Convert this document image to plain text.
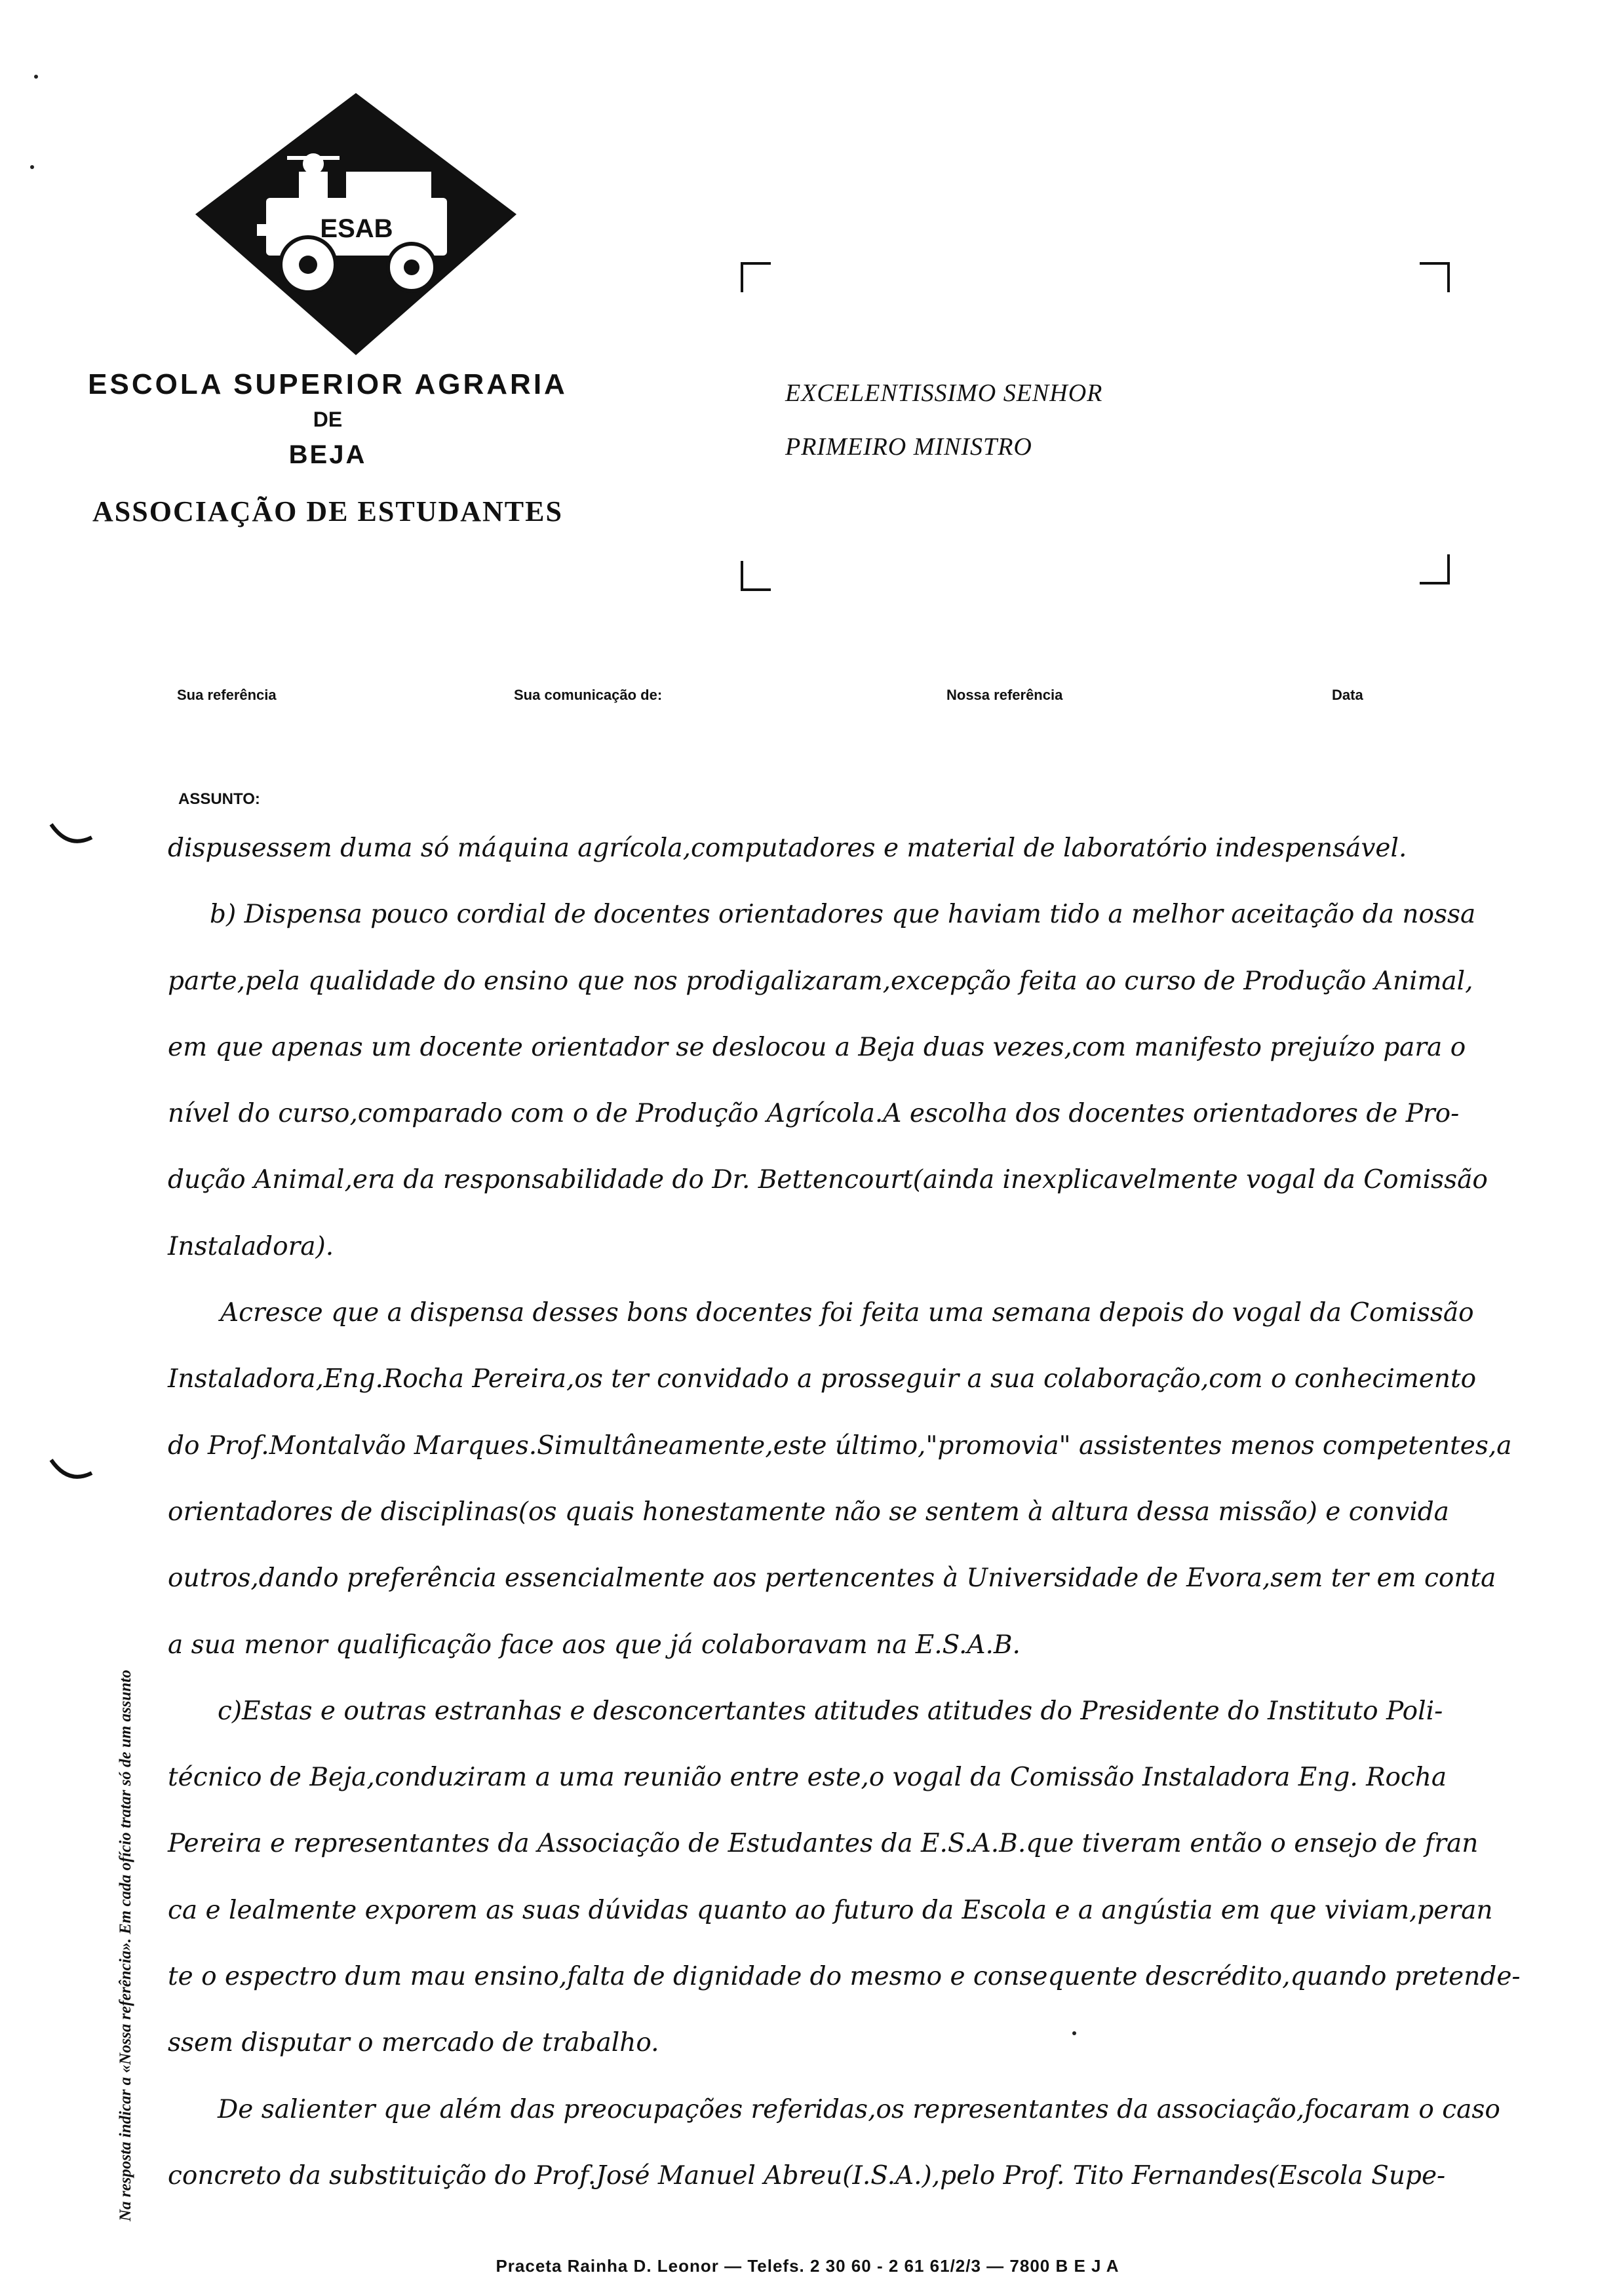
ESAB
ESCOLA SUPERIOR AGRARIA
DE
BEJA
ASSOCIAÇÃO DE ESTUDANTES
EXCELENTISSIMO SENHOR
PRIMEIRO MINISTRO
Sua referência	Sua comunicação de:	Nossa referência	Data
ASSUNTO:
dispusessem duma só máquina agrícola,computadores e material de laboratório indespensável.
b) Dispensa pouco cordial de docentes orientadores que haviam tido a melhor aceitação da nossa
parte,pela qualidade do ensino que nos prodigalizaram,excepção feita ao curso de Produção Animal,
em que apenas um docente orientador se deslocou a Beja duas vezes,com manifesto prejuízo para o
nível do curso,comparado com o de Produção Agrícola.A escolha dos docentes orientadores de Pro-
dução Animal,era da responsabilidade do Dr. Bettencourt(ainda inexplicavelmente vogal da Comissão
Instaladora).
Acresce que a dispensa desses bons docentes foi feita uma semana depois do vogal da Comissão
Instaladora,Eng.Rocha Pereira,os ter convidado a prosseguir a sua colaboração,com o conhecimento
do Prof.Montalvão Marques.Simultâneamente,este último,"promovia" assistentes menos competentes,a
orientadores de disciplinas(os quais honestamente não se sentem à altura dessa missão) e convida
outros,dando preferência essencialmente aos pertencentes à Universidade de Evora,sem ter em conta
a sua menor qualificação face aos que já colaboravam na E.S.A.B.
c)Estas e outras estranhas e desconcertantes atitudes atitudes do Presidente do Instituto Poli-
técnico de Beja,conduziram a uma reunião entre este,o vogal da Comissão Instaladora Eng. Rocha
Pereira e representantes da Associação de Estudantes da E.S.A.B.que tiveram então o ensejo de fran
ca e lealmente exporem as suas dúvidas quanto ao futuro da Escola e a angústia em que viviam,peran
te o espectro dum mau ensino,falta de dignidade do mesmo e consequente descrédito,quando pretende-
ssem disputar o mercado de trabalho.
De salienter que além das preocupações referidas,os representantes da associação,focaram o caso
concreto da substituição do Prof.José Manuel Abreu(I.S.A.),pelo Prof. Tito Fernandes(Escola Supe-
Na resposta indicar a «Nossa referência». Em cada ofício tratar só de um assunto
Praceta Rainha D. Leonor — Telefs. 2 30 60 - 2 61 61/2/3 — 7800 B E J A
